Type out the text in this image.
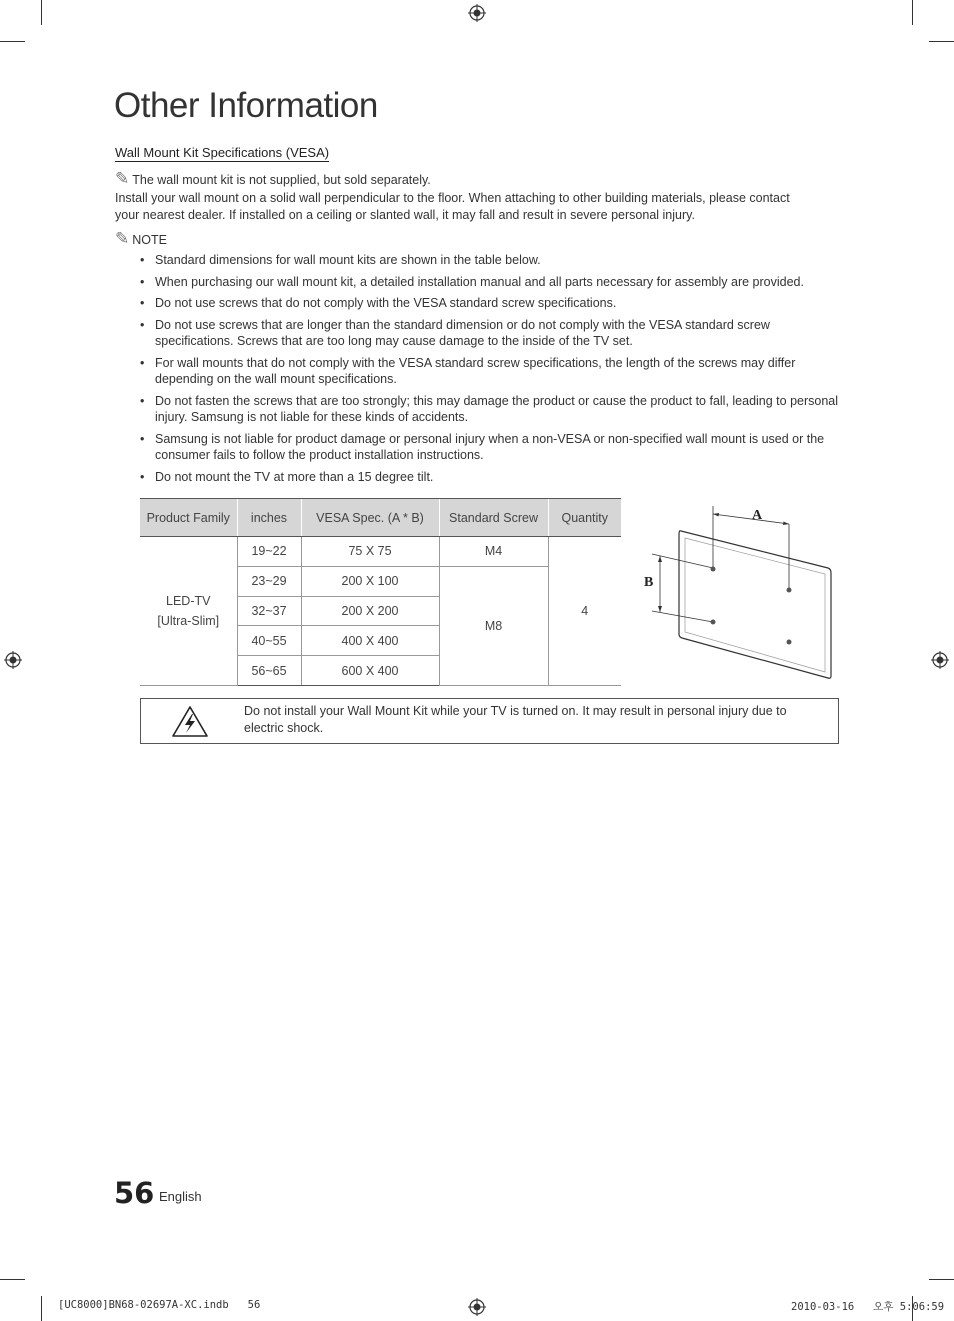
Other Information
Wall Mount Kit Specifications (VESA)
✎ The wall mount kit is not supplied, but sold separately.
Install your wall mount on a solid wall perpendicular to the floor. When attaching to other building materials, please contact
your nearest dealer. If installed on a ceiling or slanted wall, it may fall and result in severe personal injury.
✎ NOTE
• Standard dimensions for wall mount kits are shown in the table below.
• When purchasing our wall mount kit, a detailed installation manual and all parts necessary for assembly are provided.
• Do not use screws that do not comply with the VESA standard screw specifications.
• Do not use screws that are longer than the standard dimension or do not comply with the VESA standard screw specifications. Screws that are too long may cause damage to the inside of the TV set.
• For wall mounts that do not comply with the VESA standard screw specifications, the length of the screws may differ depending on the wall mount specifications.
• Do not fasten the screws that are too strongly; this may damage the product or cause the product to fall, leading to personal injury. Samsung is not liable for these kinds of accidents.
• Samsung is not liable for product damage or personal injury when a non-VESA or non-specified wall mount is used or the consumer fails to follow the product installation instructions.
• Do not mount the TV at more than a 15 degree tilt.
Product Family	inches	VESA Spec. (A * B)	Standard Screw	Quantity

LED-TV
[Ultra-Slim]	19~22	75 X 75	M4	4
	23~29	200 X 100	M8	
	32~37	200 X 200		
	40~55	400 X 400		
	56~65	600 X 400		
A
B
Do not install your Wall Mount Kit while your TV is turned on. It may result in personal injury due to electric shock.
56 English
[UC8000]BN68-02697A-XC.indb   56	2010-03-16   오후 5:06:59
